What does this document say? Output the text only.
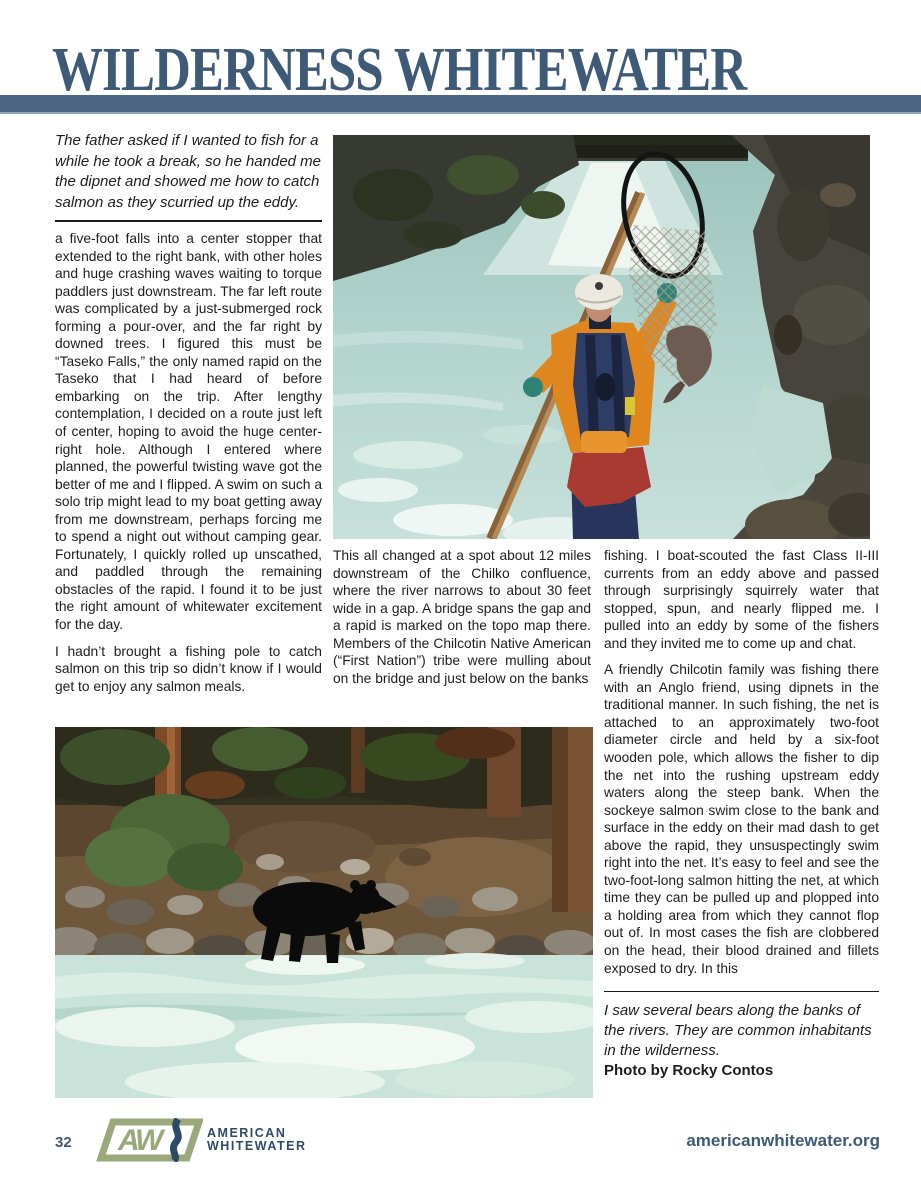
WILDERNESS WHITEWATER
The father asked if I wanted to fish for a while he took a break, so he handed me the dipnet and showed me how to catch salmon as they scurried up the eddy.

a five-foot falls into a center stopper that extended to the right bank, with other holes and huge crashing waves waiting to torque paddlers just downstream. The far left route was complicated by a just-submerged rock forming a pour-over, and the far right by downed trees. I figured this must be “Taseko Falls,” the only named rapid on the Taseko that I had heard of before embarking on the trip. After lengthy contemplation, I decided on a route just left of center, hoping to avoid the huge center-right hole. Although I entered where planned, the powerful twisting wave got the better of me and I flipped. A swim on such a solo trip might lead to my boat getting away from me downstream, perhaps forcing me to spend a night out without camping gear. Fortunately, I quickly rolled up unscathed, and paddled through the remaining obstacles of the rapid. I found it to be just the right amount of whitewater excitement for the day.

I hadn’t brought a fishing pole to catch salmon on this trip so didn’t know if I would get to enjoy any salmon meals.

This all changed at a spot about 12 miles downstream of the Chilko confluence, where the river narrows to about 30 feet wide in a gap. A bridge spans the gap and a rapid is marked on the topo map there. Members of the Chilcotin Native American (“First Nation”) tribe were mulling about on the bridge and just below on the banks

fishing. I boat-scouted the fast Class II-III currents from an eddy above and passed through surprisingly squirrely water that stopped, spun, and nearly flipped me. I pulled into an eddy by some of the fishers and they invited me to come up and chat.

A friendly Chilcotin family was fishing there with an Anglo friend, using dipnets in the traditional manner. In such fishing, the net is attached to an approximately two-foot diameter circle and held by a six-foot wooden pole, which allows the fisher to dip the net into the rushing upstream eddy waters along the steep bank. When the sockeye salmon swim close to the bank and surface in the eddy on their mad dash to get above the rapid, they unsuspectingly swim right into the net. It’s easy to feel and see the two-foot-long salmon hitting the net, at which time they can be pulled up and plopped into a holding area from which they cannot flop out of. In most cases the fish are clobbered on the head, their blood drained and fillets exposed to dry. In this

I saw several bears along the banks of the rivers. They are common inhabitants in the wilderness.

Photo by Rocky Contos

32 AW	AMERICAN
WHITEWATER	americanwhitewater.org
